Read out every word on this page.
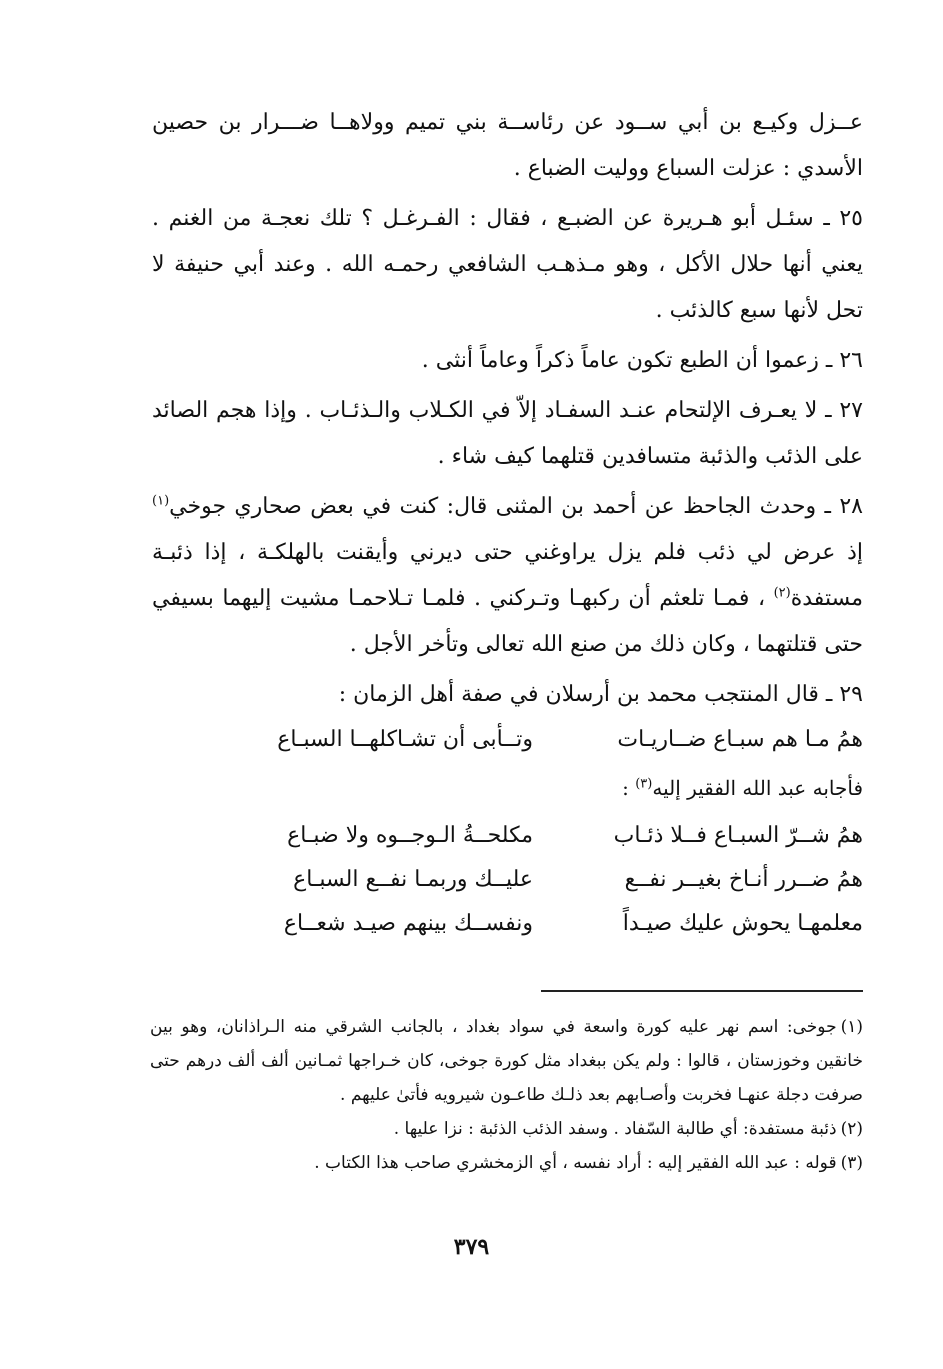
عــزل وكيـع بن أبي ســود عن رئاســة بني تميم وولاهــا ضـــرار بن حصين الأسدي : عزلت السباع ووليت الضباع .

٢٥ ـ سئـل أبو هـريرة عن الضبـع ، فقال : الفـرغـل ؟ تلك نعجـة من الغنم . يعني أنها حلال الأكل ، وهو مـذهـب الشافعي رحمـه الله . وعند أبي حنيفة لا تحل لأنها سبع كالذئب .

٢٦ ـ زعموا أن الطبع تكون عاماً ذكراً وعاماً أنثى .

٢٧ ـ لا يعـرف الإلتحام عنـد السفـاد إلاّ في الكـلاب والـذئـاب . وإذا هجم الصائد على الذئب والذئبة متسافدين قتلهما كيف شاء .

٢٨ ـ وحدث الجاحظ عن أحمد بن المثنى قال: كنت في بعض صحاري جوخي$^{(١)}$ إذ عرض لي ذئب فلم يزل يراوغني حتى ديرني وأيقنت بالهلكـة ، إذا ذئبـة مستفدة$^{(٢)}$ ، فمـا تلعثم أن ركبهـا وتـركني . فلمـا تـلاحمـا مشيت إليهما بسيفي حتى قتلتهما ، وكان ذلك من صنع الله تعالى وتأخر الأجل .

٢٩ ـ قال المنتجب محمد بن أرسلان في صفة أهل الزمان :

همُ مـا هم سبـاع ضــاريـات
وتــأبى أن تشـاكلهــا السبـاع

فأجابه عبد الله الفقير إليه$^{(٣)}$ :

همُ شــرّ السبـاع فــلا ذئـاب
مكلحــةُ الـوجــوه ولا ضبـاع
همُ ضــرر أنـاخ بغيــر نفــع
عليــك وربمـا نفــع السبـاع
معلمهـا يحوش عليك صيـداً
ونفســك بينهم صيـد شعــاع

(١)جوخى: اسم نهر عليه كورة واسعة في سواد بغداد ، بالجانب الشرقي منه الـراذانان، وهو بين خانقين وخوزستان ، قالوا : ولم يكن ببغداد مثل كورة جوخى، كان خـراجها ثمـانين ألف ألف درهم حتى صرفت دجلة عنهـا فخربت وأصـابهم بعد ذلـك طاعـون شيرويه فأتىٰ عليهم .

(٢)ذئبة مستفدة: أي طالبة السّفاد . وسفد الذئب الذئبة : نزا عليها .

(٣)قوله : عبد الله الفقير إليه : أراد نفسه ، أي الزمخشري صاحب هذا الكتاب .

٣٧٩
